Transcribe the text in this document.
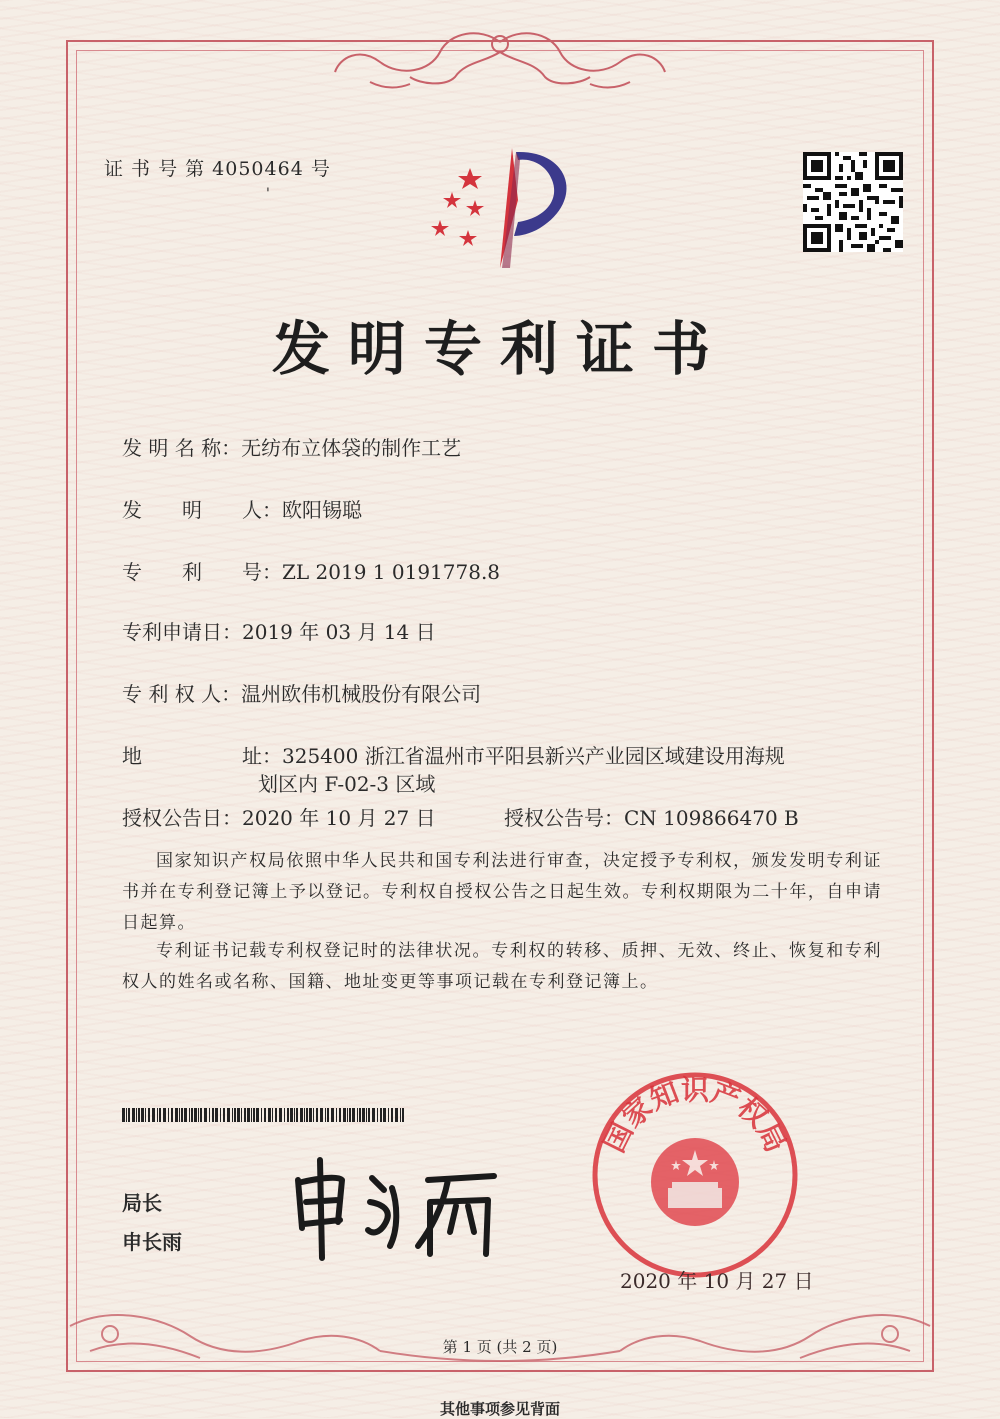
证 书 号 第 4050464 号
'
发明专利证书
发 明 名 称：无纺布立体袋的制作工艺
发　　明　　人：欧阳锡聪
专　　利　　号：ZL 2019 1 0191778.8
专利申请日：2019 年 03 月 14 日
专 利 权 人：温州欧伟机械股份有限公司
地　　　　　址：325400 浙江省温州市平阳县新兴产业园区域建设用海规
划区内 F-02-3 区域
授权公告日：2020 年 10 月 27 日	授权公告号：CN 109866470 B
国家知识产权局依照中华人民共和国专利法进行审查，决定授予专利权，颁发发明专利证书并在专利登记簿上予以登记。专利权自授权公告之日起生效。专利权期限为二十年，自申请日起算。
专利证书记载专利权登记时的法律状况。专利权的转移、质押、无效、终止、恢复和专利权人的姓名或名称、国籍、地址变更等事项记载在专利登记簿上。
局长
申长雨
国家知识产权局
2020 年 10 月 27 日
第 1 页 (共 2 页)
其他事项参见背面
